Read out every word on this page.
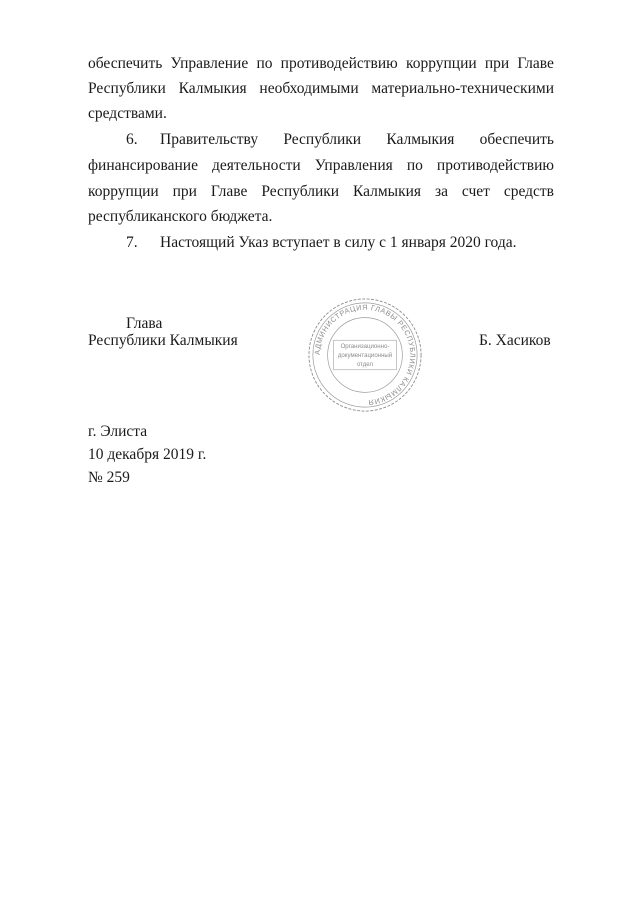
обеспечить Управление по противодействию коррупции при Главе
Республики Калмыкия необходимыми материально-техническими
средствами.
6.	Правительству Республики Калмыкия обеспечить
финансирование деятельности Управления по противодействию
коррупции при Главе Республики Калмыкия за счет средств
республиканского бюджета.
7.	Настоящий Указ вступает в силу с 1 января 2020 года.
Глава
Республики Калмыкия	Б. Хасиков
АДМИНИСТРАЦИЯ ГЛАВЫ РЕСПУБЛИКИ КАЛМЫКИЯ
Организационно-
документационный
отдел
г. Элиста
10 декабря 2019 г.
№ 259
